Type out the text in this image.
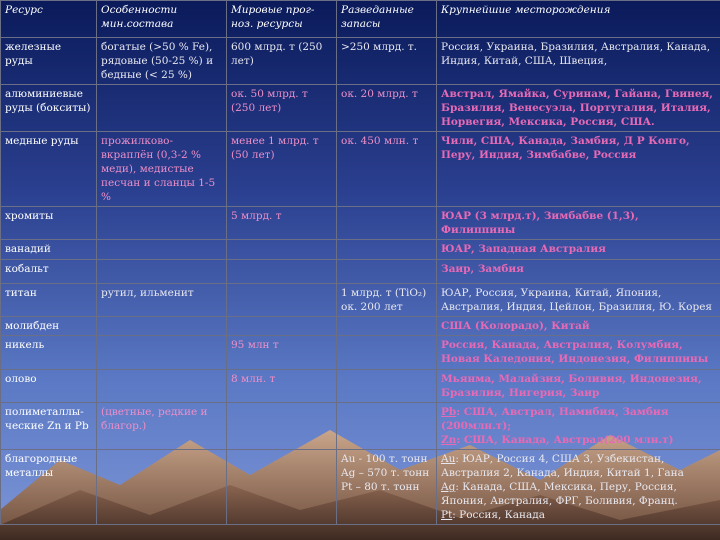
Ресурс	Особенности мин.состава	Мировые прог-ноз. ресурсы	Разведанные запасы	Крупнейшие месторождения
железные руды	богатые (>50 % Fe), рядовые (50-25 %) и бедные (< 25 %)	600 млрд. т (250 лет)	>250 млрд. т.	Россия, Украина, Бразилия, Австралия, Канада, Индия, Китай, США, Швеция,
алюминиевые руды (бокситы)		ок. 50 млрд. т (250 лет)	ок. 20 млрд. т	Австрал, Ямайка, Суринам, Гайана, Гвинея, Бразилия, Венесуэла, Португалия, Италия, Норвегия, Мексика, Россия, США.
медные руды	прожилково-вкраплён (0,3-2 % меди), медистые песчан и сланцы 1-5 %	менее 1 млрд. т (50 лет)	ок. 450 млн. т	Чили, США, Канада, Замбия, Д Р Конго, Перу, Индия, Зимбабве, Россия
хромиты		5 млрд. т		ЮАР (3 млрд.т), Зимбабве (1,3), Филиппины
ванадий				ЮАР, Западная Австралия
кобальт				Заир, Замбия
титан	рутил, ильменит		1 млрд. т (TiO₂) ок. 200 лет	ЮАР, Россия, Украина, Китай, Япония, Австралия, Индия, Цейлон, Бразилия, Ю. Корея
молибден				США (Колорадо), Китай
никель		95 млн т		Россия, Канада, Австралия, Колумбия, Новая Каледония, Индонезия, Филиппины
олово		8 млн. т		Мьянма, Малайзия, Боливия, Индонезия, Бразилия, Нигерия, Заир
полиметаллы-ческие Zn и Pb	(цветные, редкие и благор.)			Pb: США, Австрал, Намибия, Замбия (200млн.т);
Zn: США, Канада, Австрал(200 млн.т)

благородные металлы			Au - 100 т. тонн
Ag – 570 т. тонн
Pt – 80 т. тонн	Au: ЮАР, Россия 4, США 3, Узбекистан, Австралия 2, Канада, Индия, Китай 1, Гана
Ag: Канада, США, Мексика, Перу, Россия, Япония, Австралия, ФРГ, Боливия, Франц.
Pt: Россия, Канада
